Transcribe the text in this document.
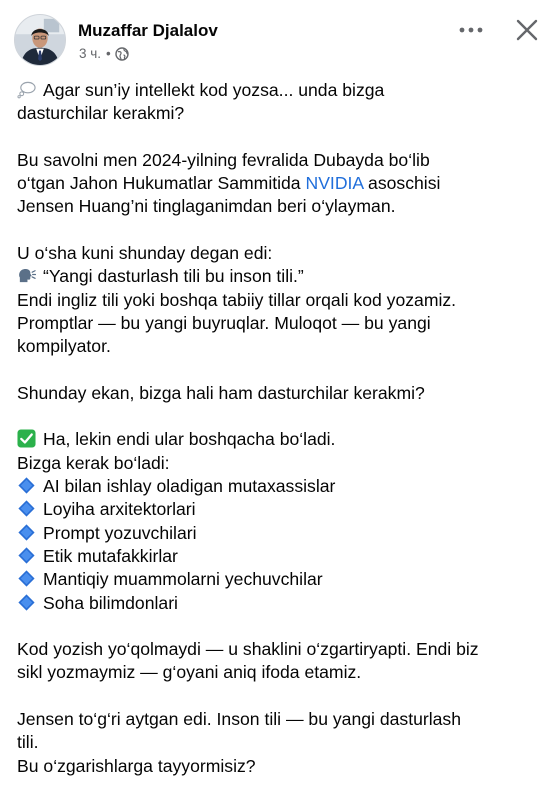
Muzaffar Djalalov
3 ч. •
Agar sun’iy intellekt kod yozsa... unda bizga
dasturchilar kerakmi?
Bu savolni men 2024-yilning fevralida Dubayda bo‘lib
o‘tgan Jahon Hukumatlar Sammitida NVIDIA asoschisi
Jensen Huang’ni tinglaganimdan beri o‘ylayman.
U o‘sha kuni shunday degan edi:
“Yangi dasturlash tili bu inson tili.”
Endi ingliz tili yoki boshqa tabiiy tillar orqali kod yozamiz.
Promptlar — bu yangi buyruqlar. Muloqot — bu yangi
kompilyator.
Shunday ekan, bizga hali ham dasturchilar kerakmi?
Ha, lekin endi ular boshqacha bo‘ladi.
Bizga kerak bo‘ladi:
AI bilan ishlay oladigan mutaxassislar
Loyiha arxitektorlari
Prompt yozuvchilari
Etik mutafakkirlar
Mantiqiy muammolarni yechuvchilar
Soha bilimdonlari
Kod yozish yo‘qolmaydi — u shaklini o‘zgartiryapti. Endi biz
sikl yozmaymiz — g‘oyani aniq ifoda etamiz.
Jensen to‘g‘ri aytgan edi. Inson tili — bu yangi dasturlash
tili.
Bu o‘zgarishlarga tayyormisiz?
